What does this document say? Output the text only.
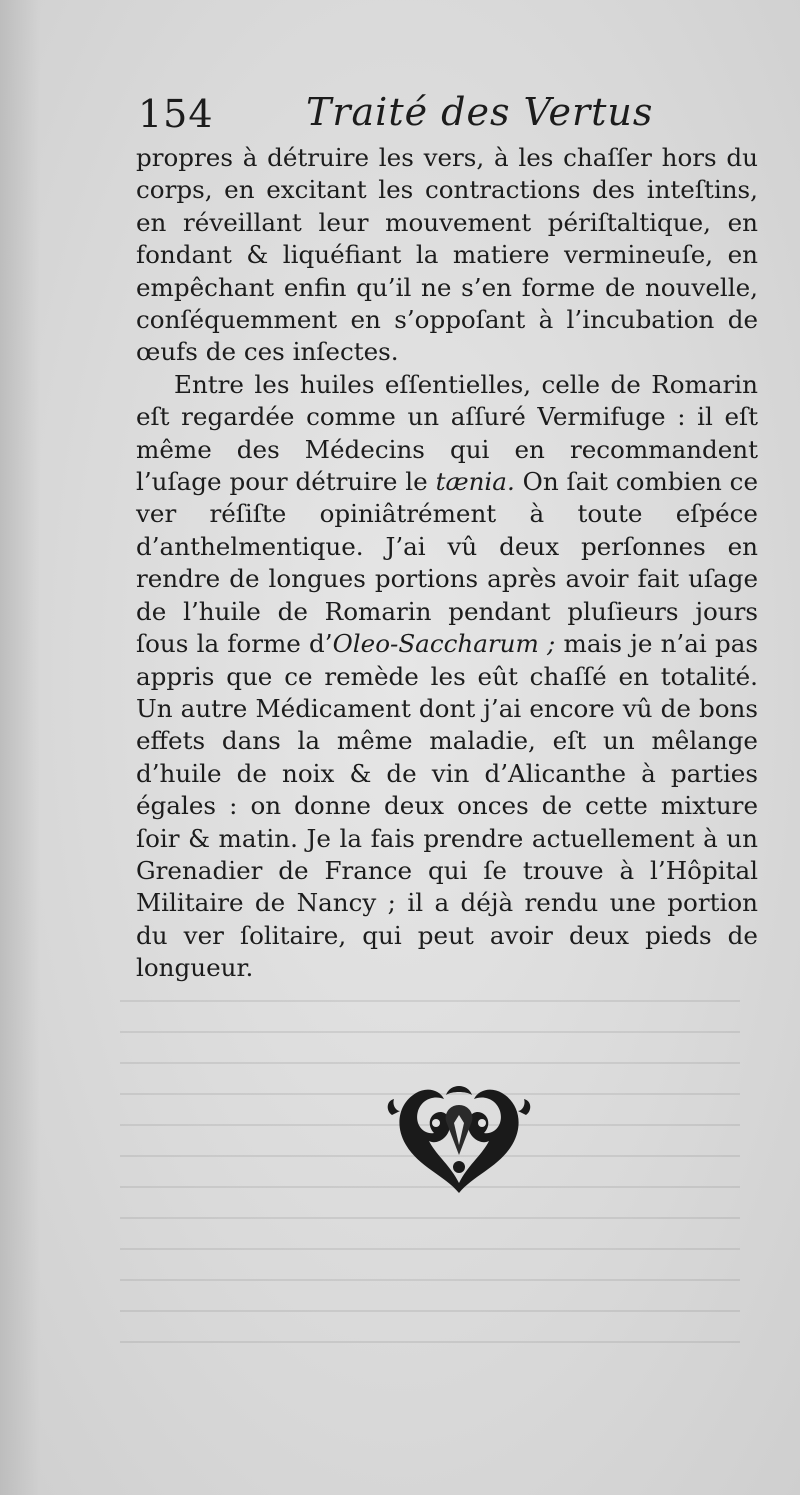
154 Traité des Vertus

propres à détruire les vers, à les chaſſer hors du corps, en excitant les contractions des inteſtins, en réveillant leur mouvement périſtaltique, en fondant & liquéfiant la matiere vermineuſe, en empêchant enfin qu’il ne s’en forme de nouvelle, conſéquemment en s’oppoſant à l’incubation de œufs de ces inſectes.

Entre les huiles eſſentielles, celle de Romarin eſt regardée comme un aſſuré Vermifuge : il eſt même des Médecins qui en recommandent l’uſage pour détruire le tænia. On ſait combien ce ver réſiſte opiniâtrément à toute eſpéce d’anthelmentique. J’ai vû deux perſonnes en rendre de longues portions après avoir fait uſage de l’huile de Romarin pendant pluſieurs jours ſous la forme d’Oleo-Saccharum ; mais je n’ai pas appris que ce remède les eût chaſſé en totalité. Un autre Médicament dont j’ai encore vû de bons effets dans la même maladie, eſt un mêlange d’huile de noix & de vin d’Alicanthe à parties égales : on donne deux onces de cette mixture ſoir & matin. Je la fais prendre actuellement à un Grenadier de France qui ſe trouve à l’Hôpital Militaire de Nancy ; il a déjà rendu une portion du ver ſolitaire, qui peut avoir deux pieds de longueur.
